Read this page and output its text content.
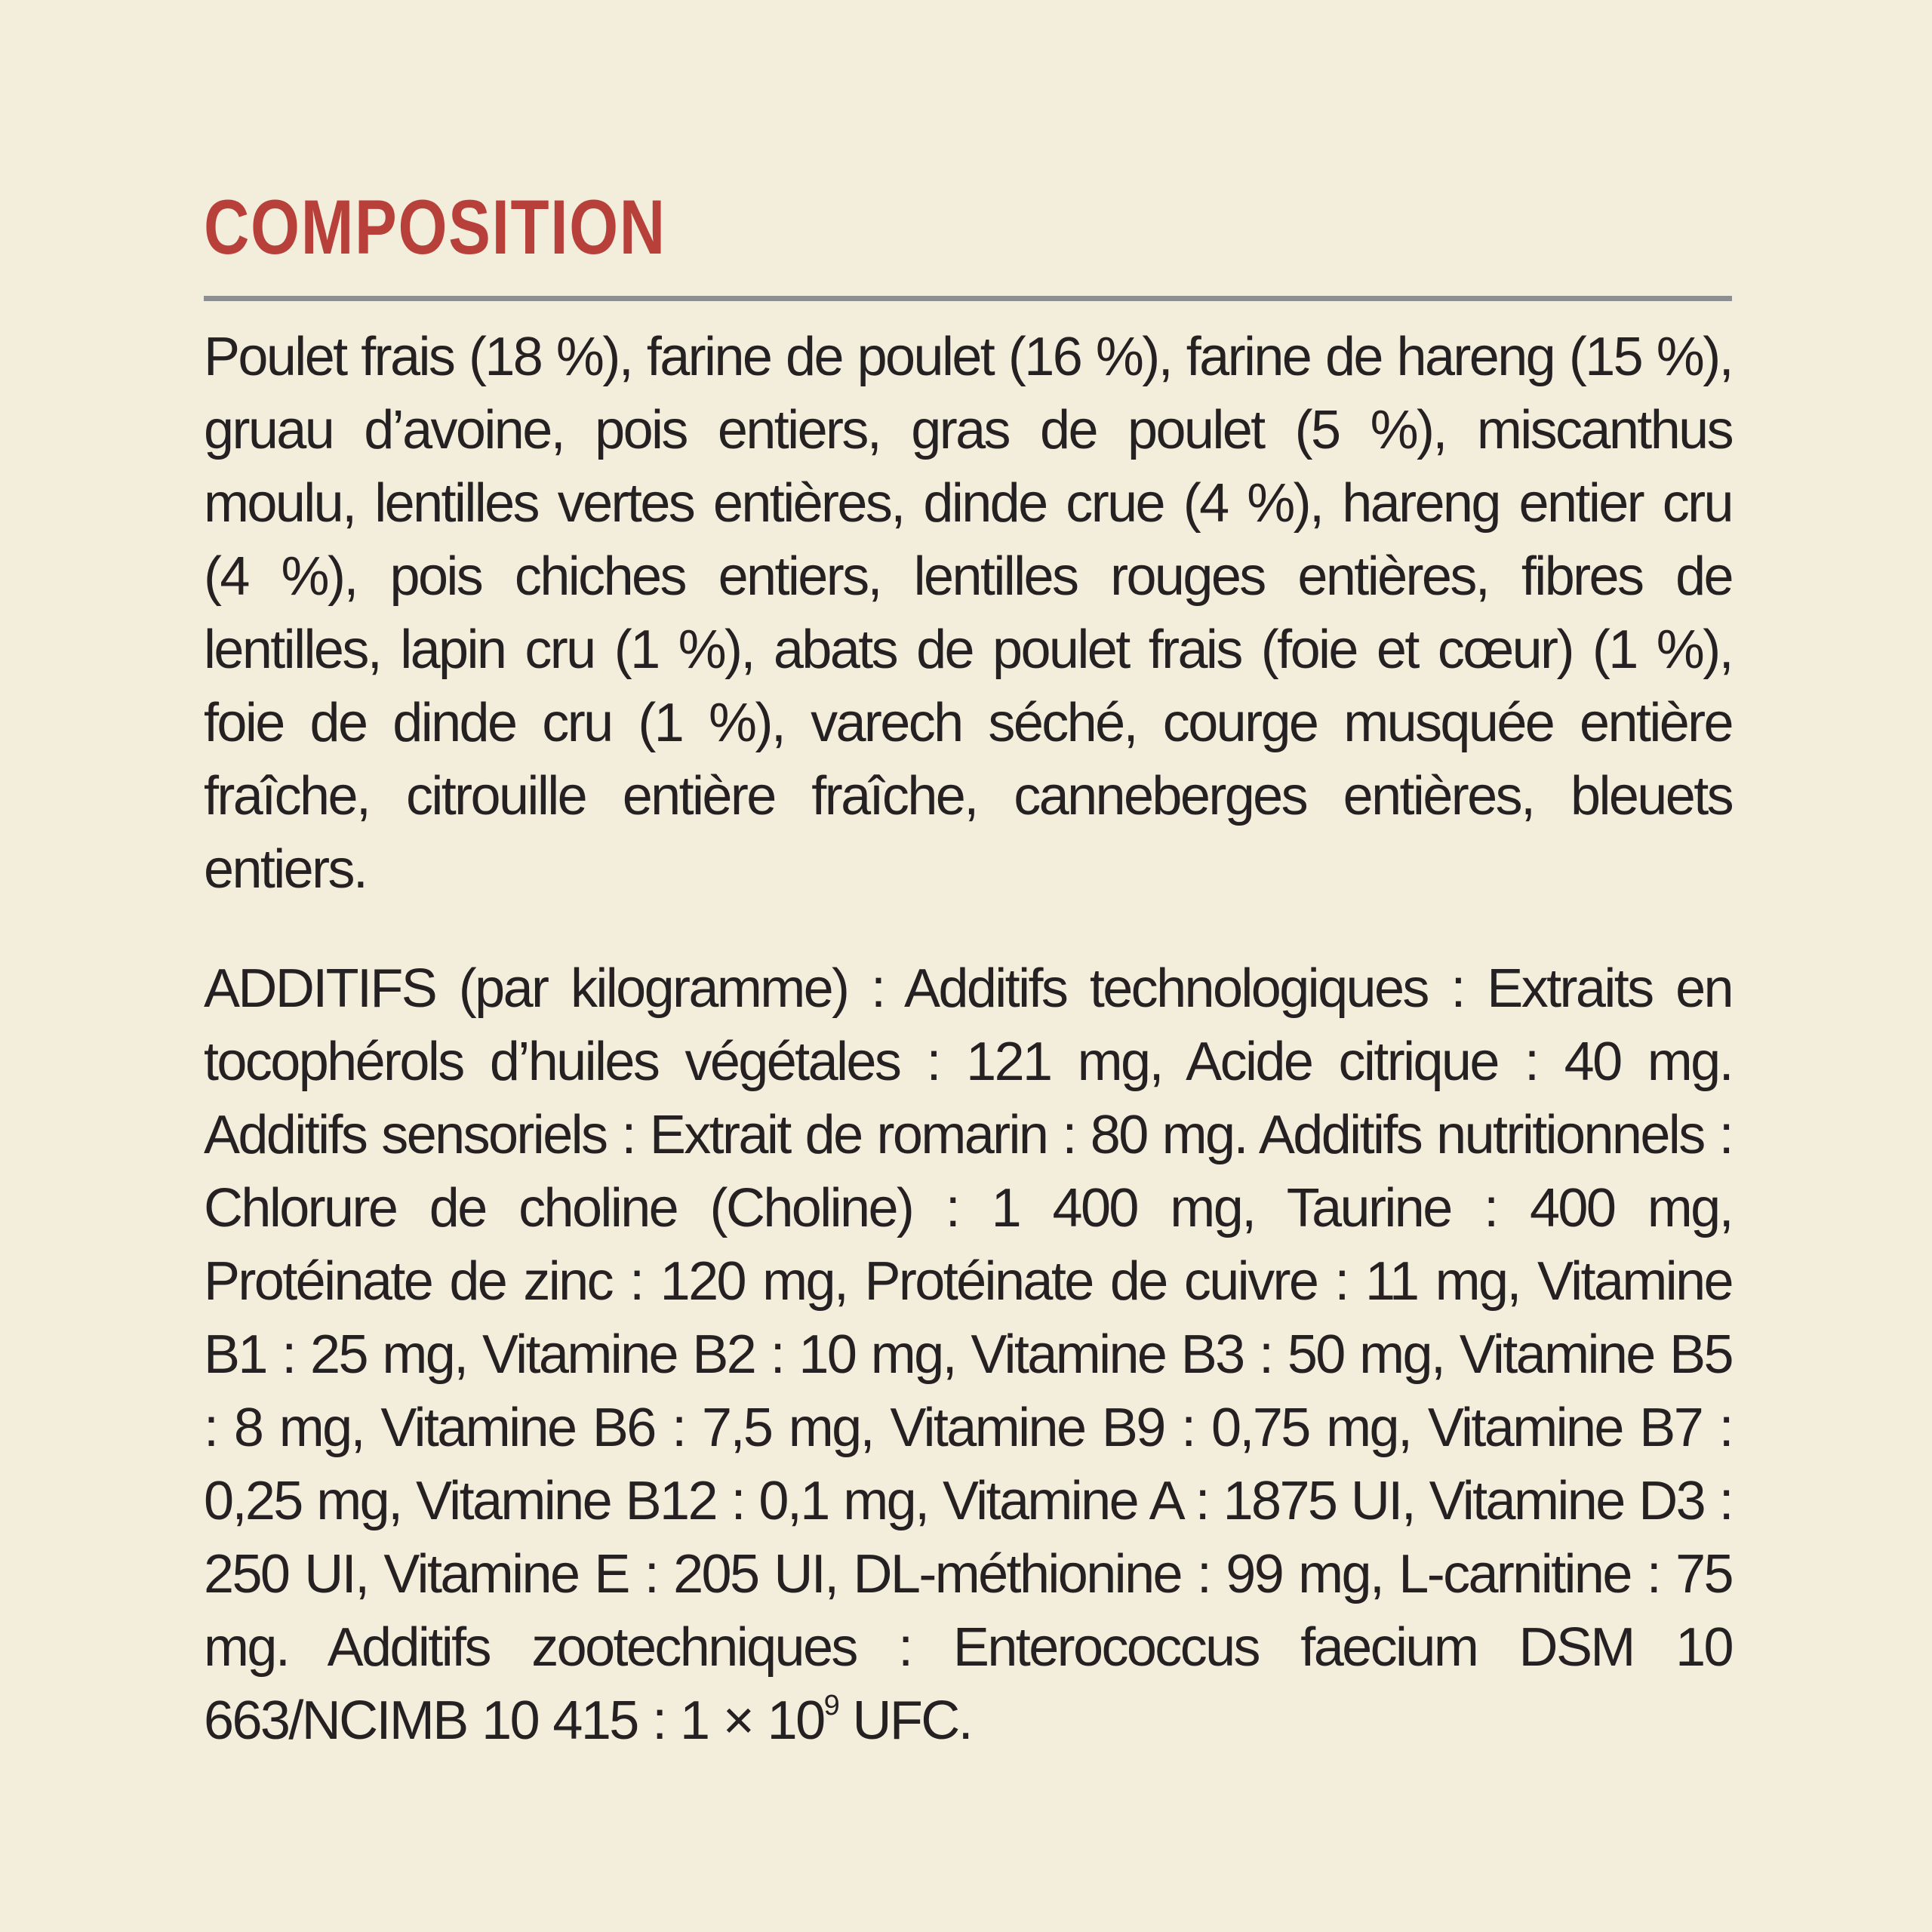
COMPOSITION

Poulet frais (18 %), farine de poulet (16 %), farine de hareng (15 %), gruau d’avoine, pois entiers, gras de poulet (5 %), miscanthus moulu, lentilles vertes entières, dinde crue (4 %), hareng entier cru (4 %), pois chiches entiers, lentilles rouges entières, fibres de lentilles, lapin cru (1 %), abats de poulet frais (foie et cœur) (1 %), foie de dinde cru (1 %), varech séché, courge musquée entière fraîche, citrouille entière fraîche, canneberges entières, bleuets entiers.

ADDITIFS (par kilogramme) : Additifs technologiques : Extraits en tocophérols d’huiles végétales : 121 mg, Acide citrique : 40 mg. Additifs sensoriels : Extrait de romarin : 80 mg. Additifs nutritionnels : Chlorure de choline (Choline) : 1 400 mg, Taurine : 400 mg, Protéinate de zinc : 120 mg, Protéinate de cuivre : 11 mg, Vitamine B1 : 25 mg, Vitamine B2 : 10 mg, Vitamine B3 : 50 mg, Vitamine B5 : 8 mg, Vitamine B6 : 7,5 mg, Vitamine B9 : 0,75 mg, Vitamine B7 : 0,25 mg, Vitamine B12 : 0,1 mg, Vitamine A : 1875 UI, Vitamine D3 : 250 UI, Vitamine E : 205 UI, DL-méthionine : 99 mg, L-carnitine : 75 mg. Additifs zootechniques : Enterococcus faecium DSM 10 663/NCIMB 10 415 : $1 \times 10^9$ UFC.
